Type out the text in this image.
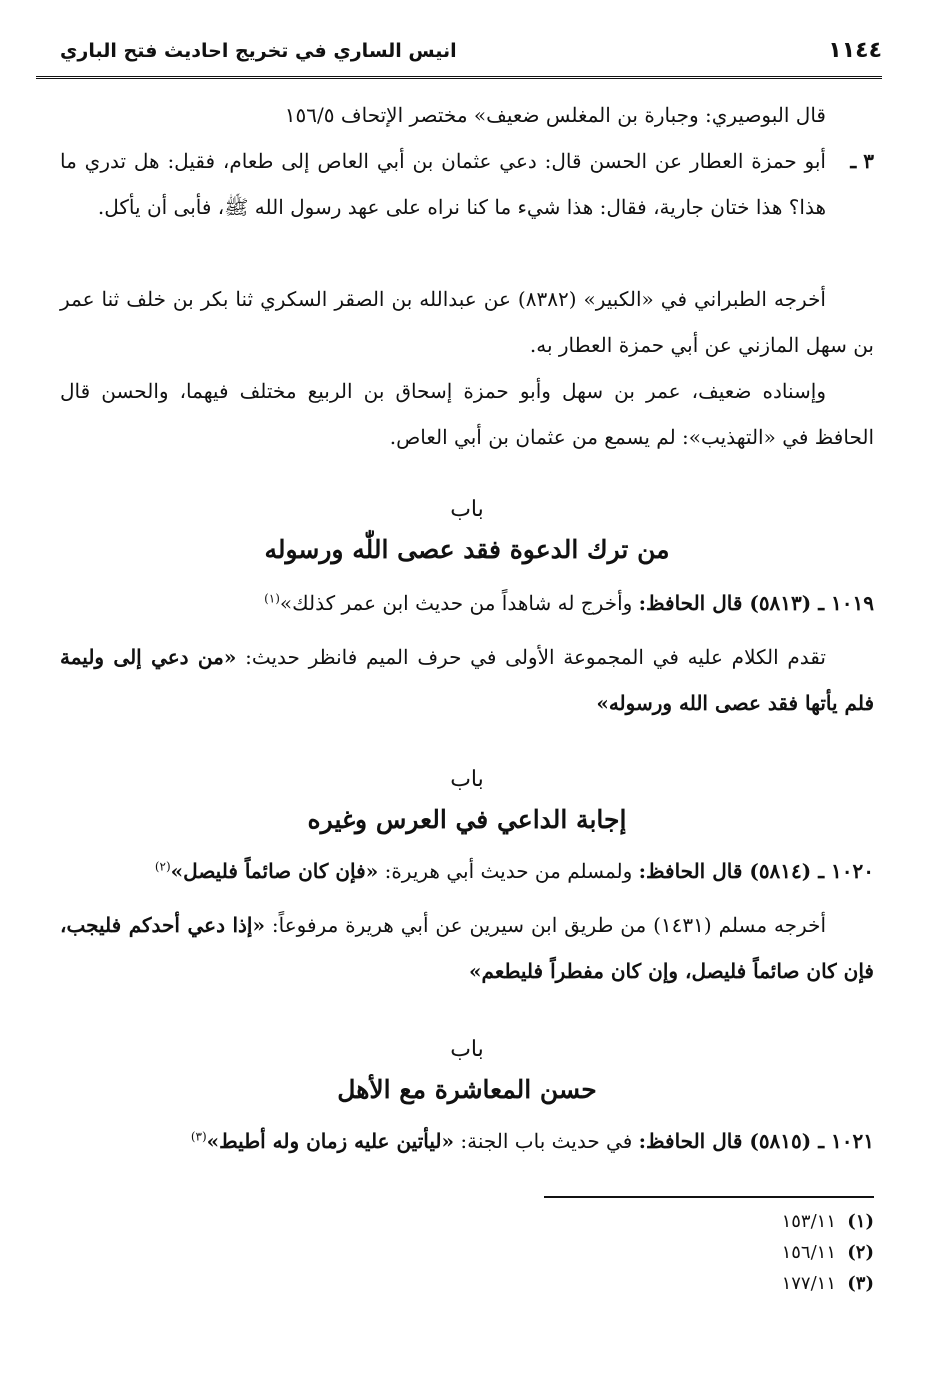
انيس الساري في تخريج احاديث فتح الباري	١١٤٤

قال البوصيري: وجبارة بن المغلس ضعيف» مختصر الإتحاف ١٥٦/٥

٣ ـ

أبو حمزة العطار عن الحسن قال: دعي عثمان بن أبي العاص إلى طعام، فقيل: هل تدري ما هذا؟ هذا ختان جارية، فقال: هذا شيء ما كنا نراه على عهد رسول الله ﷺ، فأبى أن يأكل.

أخرجه الطبراني في «الكبير» (٨٣٨٢) عن عبدالله بن الصقر السكري ثنا بكر بن خلف ثنا عمر بن سهل المازني عن أبي حمزة العطار به.

وإسناده ضعيف، عمر بن سهل وأبو حمزة إسحاق بن الربيع مختلف فيهما، والحسن قال الحافظ في «التهذيب»: لم يسمع من عثمان بن أبي العاص.

باب
من ترك الدعوة فقد عصى اللّٰه ورسوله

١٠١٩ ـ (٥٨١٣) قال الحافظ: وأخرج له شاهداً من حديث ابن عمر كذلك»$^{(١)}$

تقدم الكلام عليه في المجموعة الأولى في حرف الميم فانظر حديث: «من دعي إلى وليمة فلم يأتها فقد عصى الله ورسوله»

باب
إجابة الداعي في العرس وغيره

١٠٢٠ ـ (٥٨١٤) قال الحافظ: ولمسلم من حديث أبي هريرة: «فإن كان صائماً فليصل»$^{(٢)}$

أخرجه مسلم (١٤٣١) من طريق ابن سيرين عن أبي هريرة مرفوعاً: «إذا دعي أحدكم فليجب، فإن كان صائماً فليصل، وإن كان مفطراً فليطعم»

باب
حسن المعاشرة مع الأهل

١٠٢١ ـ (٥٨١٥) قال الحافظ: في حديث باب الجنة: «ليأتين عليه زمان وله أطيط»$^{(٣)}$

(١)١٥٣/١١
(٢)١٥٦/١١
(٣)١٧٧/١١
